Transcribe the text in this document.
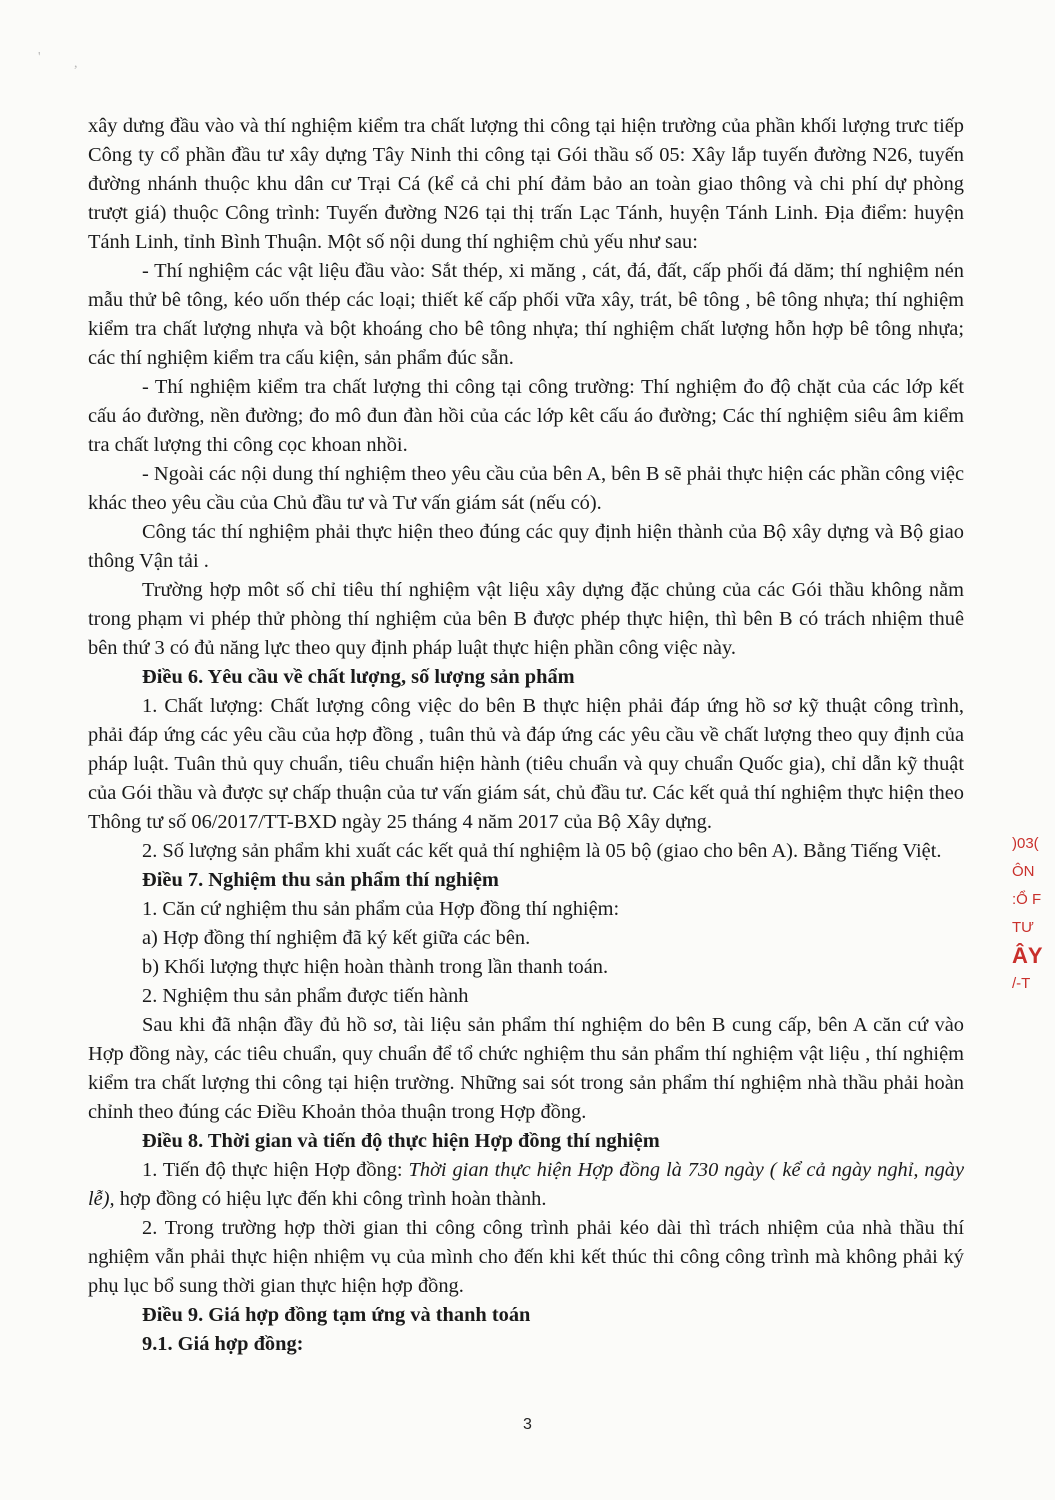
' ,

xây dưng đầu vào và thí nghiệm kiểm tra chất lượng thi công tại hiện trường của phần khối lượng trưc tiếp Công ty cổ phần đầu tư xây dựng Tây Ninh thi công tại Gói thầu số 05: Xây lắp tuyến đường N26, tuyến đường nhánh thuộc khu dân cư Trại Cá (kể cả chi phí đảm bảo an toàn giao thông và chi phí dự phòng trượt giá) thuộc Công trình: Tuyến đường N26 tại thị trấn Lạc Tánh, huyện Tánh Linh. Địa điểm: huyện Tánh Linh, tỉnh Bình Thuận. Một số nội dung thí nghiệm chủ yếu như sau:

- Thí nghiệm các vật liệu đầu vào: Sắt thép, xi măng , cát, đá, đất, cấp phối đá dăm; thí nghiệm nén mẫu thử bê tông, kéo uốn thép các loại; thiết kế cấp phối vữa xây, trát, bê tông , bê tông nhựa; thí nghiệm kiểm tra chất lượng nhựa và bột khoáng cho bê tông nhựa; thí nghiệm chất lượng hỗn hợp bê tông nhựa; các thí nghiệm kiểm tra cấu kiện, sản phẩm đúc sẵn.

- Thí nghiệm kiểm tra chất lượng thi công tại công trường: Thí nghiệm đo độ chặt của các lớp kết cấu áo đường, nền đường; đo mô đun đàn hồi của các lớp kêt cấu áo đường; Các thí nghiệm siêu âm kiểm tra chất lượng thi công cọc khoan nhồi.

- Ngoài các nội dung thí nghiệm theo yêu cầu của bên A, bên B sẽ phải thực hiện các phần công việc khác theo yêu cầu của Chủ đầu tư và Tư vấn giám sát (nếu có).

Công tác thí nghiệm phải thực hiện theo đúng các quy định hiện thành của Bộ xây dựng và Bộ giao thông Vận tải .

Trường hợp môt số chỉ tiêu thí nghiệm vật liệu xây dựng đặc chủng của các Gói thầu không nằm trong phạm vi phép thử phòng thí nghiệm của bên B được phép thực hiện, thì bên B có trách nhiệm thuê bên thứ 3 có đủ năng lực theo quy định pháp luật thực hiện phần công việc này.

Điều 6. Yêu cầu về chất lượng, số lượng sản phẩm

1. Chất lượng: Chất lượng công việc do bên B thực hiện phải đáp ứng hồ sơ kỹ thuật công trình, phải đáp ứng các yêu cầu của hợp đồng , tuân thủ và đáp ứng các yêu cầu về chất lượng theo quy định của pháp luật. Tuân thủ quy chuẩn, tiêu chuẩn hiện hành (tiêu chuẩn và quy chuẩn Quốc gia), chỉ dẫn kỹ thuật của Gói thầu và được sự chấp thuận của tư vấn giám sát, chủ đầu tư. Các kết quả thí nghiệm thực hiện theo Thông tư số 06/2017/TT-BXD ngày 25 tháng 4 năm 2017 của Bộ Xây dựng.

2. Số lượng sản phẩm khi xuất các kết quả thí nghiệm là 05 bộ (giao cho bên A). Bằng Tiếng Việt.

Điều 7. Nghiệm thu sản phẩm thí nghiệm

1. Căn cứ nghiệm thu sản phẩm của Hợp đồng thí nghiệm:

a) Hợp đồng thí nghiệm đã ký kết giữa các bên.

b) Khối lượng thực hiện hoàn thành trong lần thanh toán.

2. Nghiệm thu sản phẩm được tiến hành

Sau khi đã nhận đầy đủ hồ sơ, tài liệu sản phẩm thí nghiệm do bên B cung cấp, bên A căn cứ vào Hợp đồng này, các tiêu chuẩn, quy chuẩn để tổ chức nghiệm thu sản phẩm thí nghiệm vật liệu , thí nghiệm kiểm tra chất lượng thi công tại hiện trường. Những sai sót trong sản phẩm thí nghiệm nhà thầu phải hoàn chỉnh theo đúng các Điều Khoản thỏa thuận trong Hợp đồng.

Điều 8. Thời gian và tiến độ thực hiện Hợp đồng thí nghiệm

1. Tiến độ thực hiện Hợp đồng: Thời gian thực hiện Hợp đồng là 730 ngày ( kể cả ngày nghỉ, ngày lễ), hợp đồng có hiệu lực đến khi công trình hoàn thành.

2. Trong trường hợp thời gian thi công công trình phải kéo dài thì trách nhiệm của nhà thầu thí nghiệm vẫn phải thực hiện nhiệm vụ của mình cho đến khi kết thúc thi công công trình mà không phải ký phụ lục bổ sung thời gian thực hiện hợp đồng.

Điều 9. Giá hợp đồng tạm ứng và thanh toán

9.1. Giá hợp đồng:

)03(
ÔN
:Ổ F
TƯ
ÂY
/-T
3
